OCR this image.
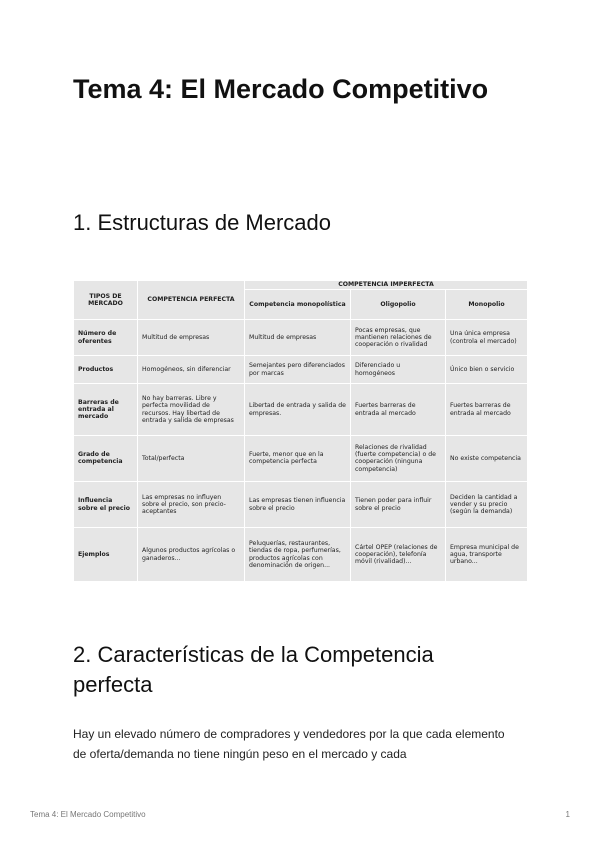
Tema 4: El Mercado Competitivo
1. Estructuras de Mercado
TIPOS DE MERCADO	COMPETENCIA PERFECTA	COMPETENCIA IMPERFECTA		
		Competencia monopolística	Oligopolio	Monopolio
Número de oferentes	Multitud de empresas	Multitud de empresas	Pocas empresas, que mantienen relaciones de cooperación o rivalidad	Una única empresa (controla el mercado)
Productos	Homogéneos, sin diferenciar	Semejantes pero diferenciados por marcas	Diferenciado u homogéneos	Único bien o servicio
Barreras de entrada al mercado	No hay barreras. Libre y perfecta movilidad de recursos. Hay libertad de entrada y salida de empresas	Libertad de entrada y salida de empresas.	Fuertes barreras de entrada al mercado	Fuertes barreras de entrada al mercado
Grado de competencia	Total/perfecta	Fuerte, menor que en la competencia perfecta	Relaciones de rivalidad (fuerte competencia) o de cooperación (ninguna competencia)	No existe competencia
Influencia sobre el precio	Las empresas no influyen sobre el precio, son precio-aceptantes	Las empresas tienen influencia sobre el precio	Tienen poder para influir sobre el precio	Deciden la cantidad a vender y su precio (según la demanda)
Ejemplos	Algunos productos agrícolas o ganaderos...	Peluquerías, restaurantes, tiendas de ropa, perfumerías, productos agrícolas con denominación de origen...	Cártel OPEP (relaciones de cooperación), telefonía móvil (rivalidad)...	Empresa municipal de agua, transporte urbano...
2. Características de la Competencia perfecta

Hay un elevado número de compradores y vendedores por la que cada elemento de oferta/demanda no tiene ningún peso en el mercado y cada

Tema 4: El Mercado Competitivo	1
